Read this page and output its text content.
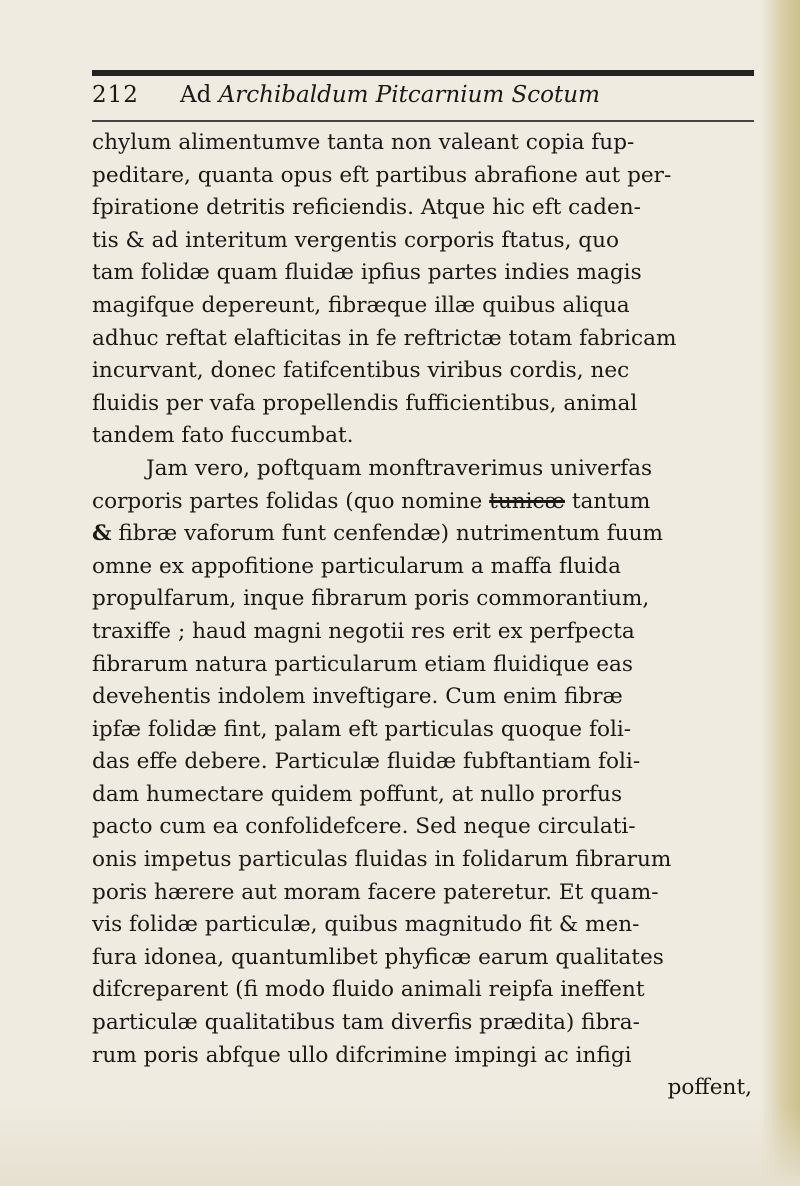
212 Ad Archibaldum Pitcarnium Scotum
chylum alimentumve tanta non valeant copia fup-
peditare, quanta opus eft partibus abrafione aut per-
fpiratione detritis reficiendis. Atque hic eft caden-
tis & ad interitum vergentis corporis ftatus, quo
tam folidæ quam fluidæ ipfius partes indies magis
magifque depereunt, fibræque illæ quibus aliqua
adhuc reftat elafticitas in fe reftrictæ totam fabricam
incurvant, donec fatifcentibus viribus cordis, nec
fluidis per vafa propellendis fufficientibus, animal
tandem fato fuccumbat.
Jam vero, poftquam monftraverimus univerfas
corporis partes folidas (quo nomine tunicæ tantum
& fibræ vaforum funt cenfendæ) nutrimentum fuum
omne ex appofitione particularum a maffa fluida
propulfarum, inque fibrarum poris commorantium,
traxiffe ; haud magni negotii res erit ex perfpecta
fibrarum natura particularum etiam fluidique eas
devehentis indolem inveftigare. Cum enim fibræ
ipfæ folidæ fint, palam eft particulas quoque foli-
das effe debere. Particulæ fluidæ fubftantiam foli-
dam humectare quidem poffunt, at nullo prorfus
pacto cum ea confolidefcere. Sed neque circulati-
onis impetus particulas fluidas in folidarum fibrarum
poris hærere aut moram facere pateretur. Et quam-
vis folidæ particulæ, quibus magnitudo fit & men-
fura idonea, quantumlibet phyficæ earum qualitates
difcreparent (fi modo fluido animali reipfa ineffent
particulæ qualitatibus tam diverfis prædita) fibra-
rum poris abfque ullo difcrimine impingi ac infigi
poffent,
